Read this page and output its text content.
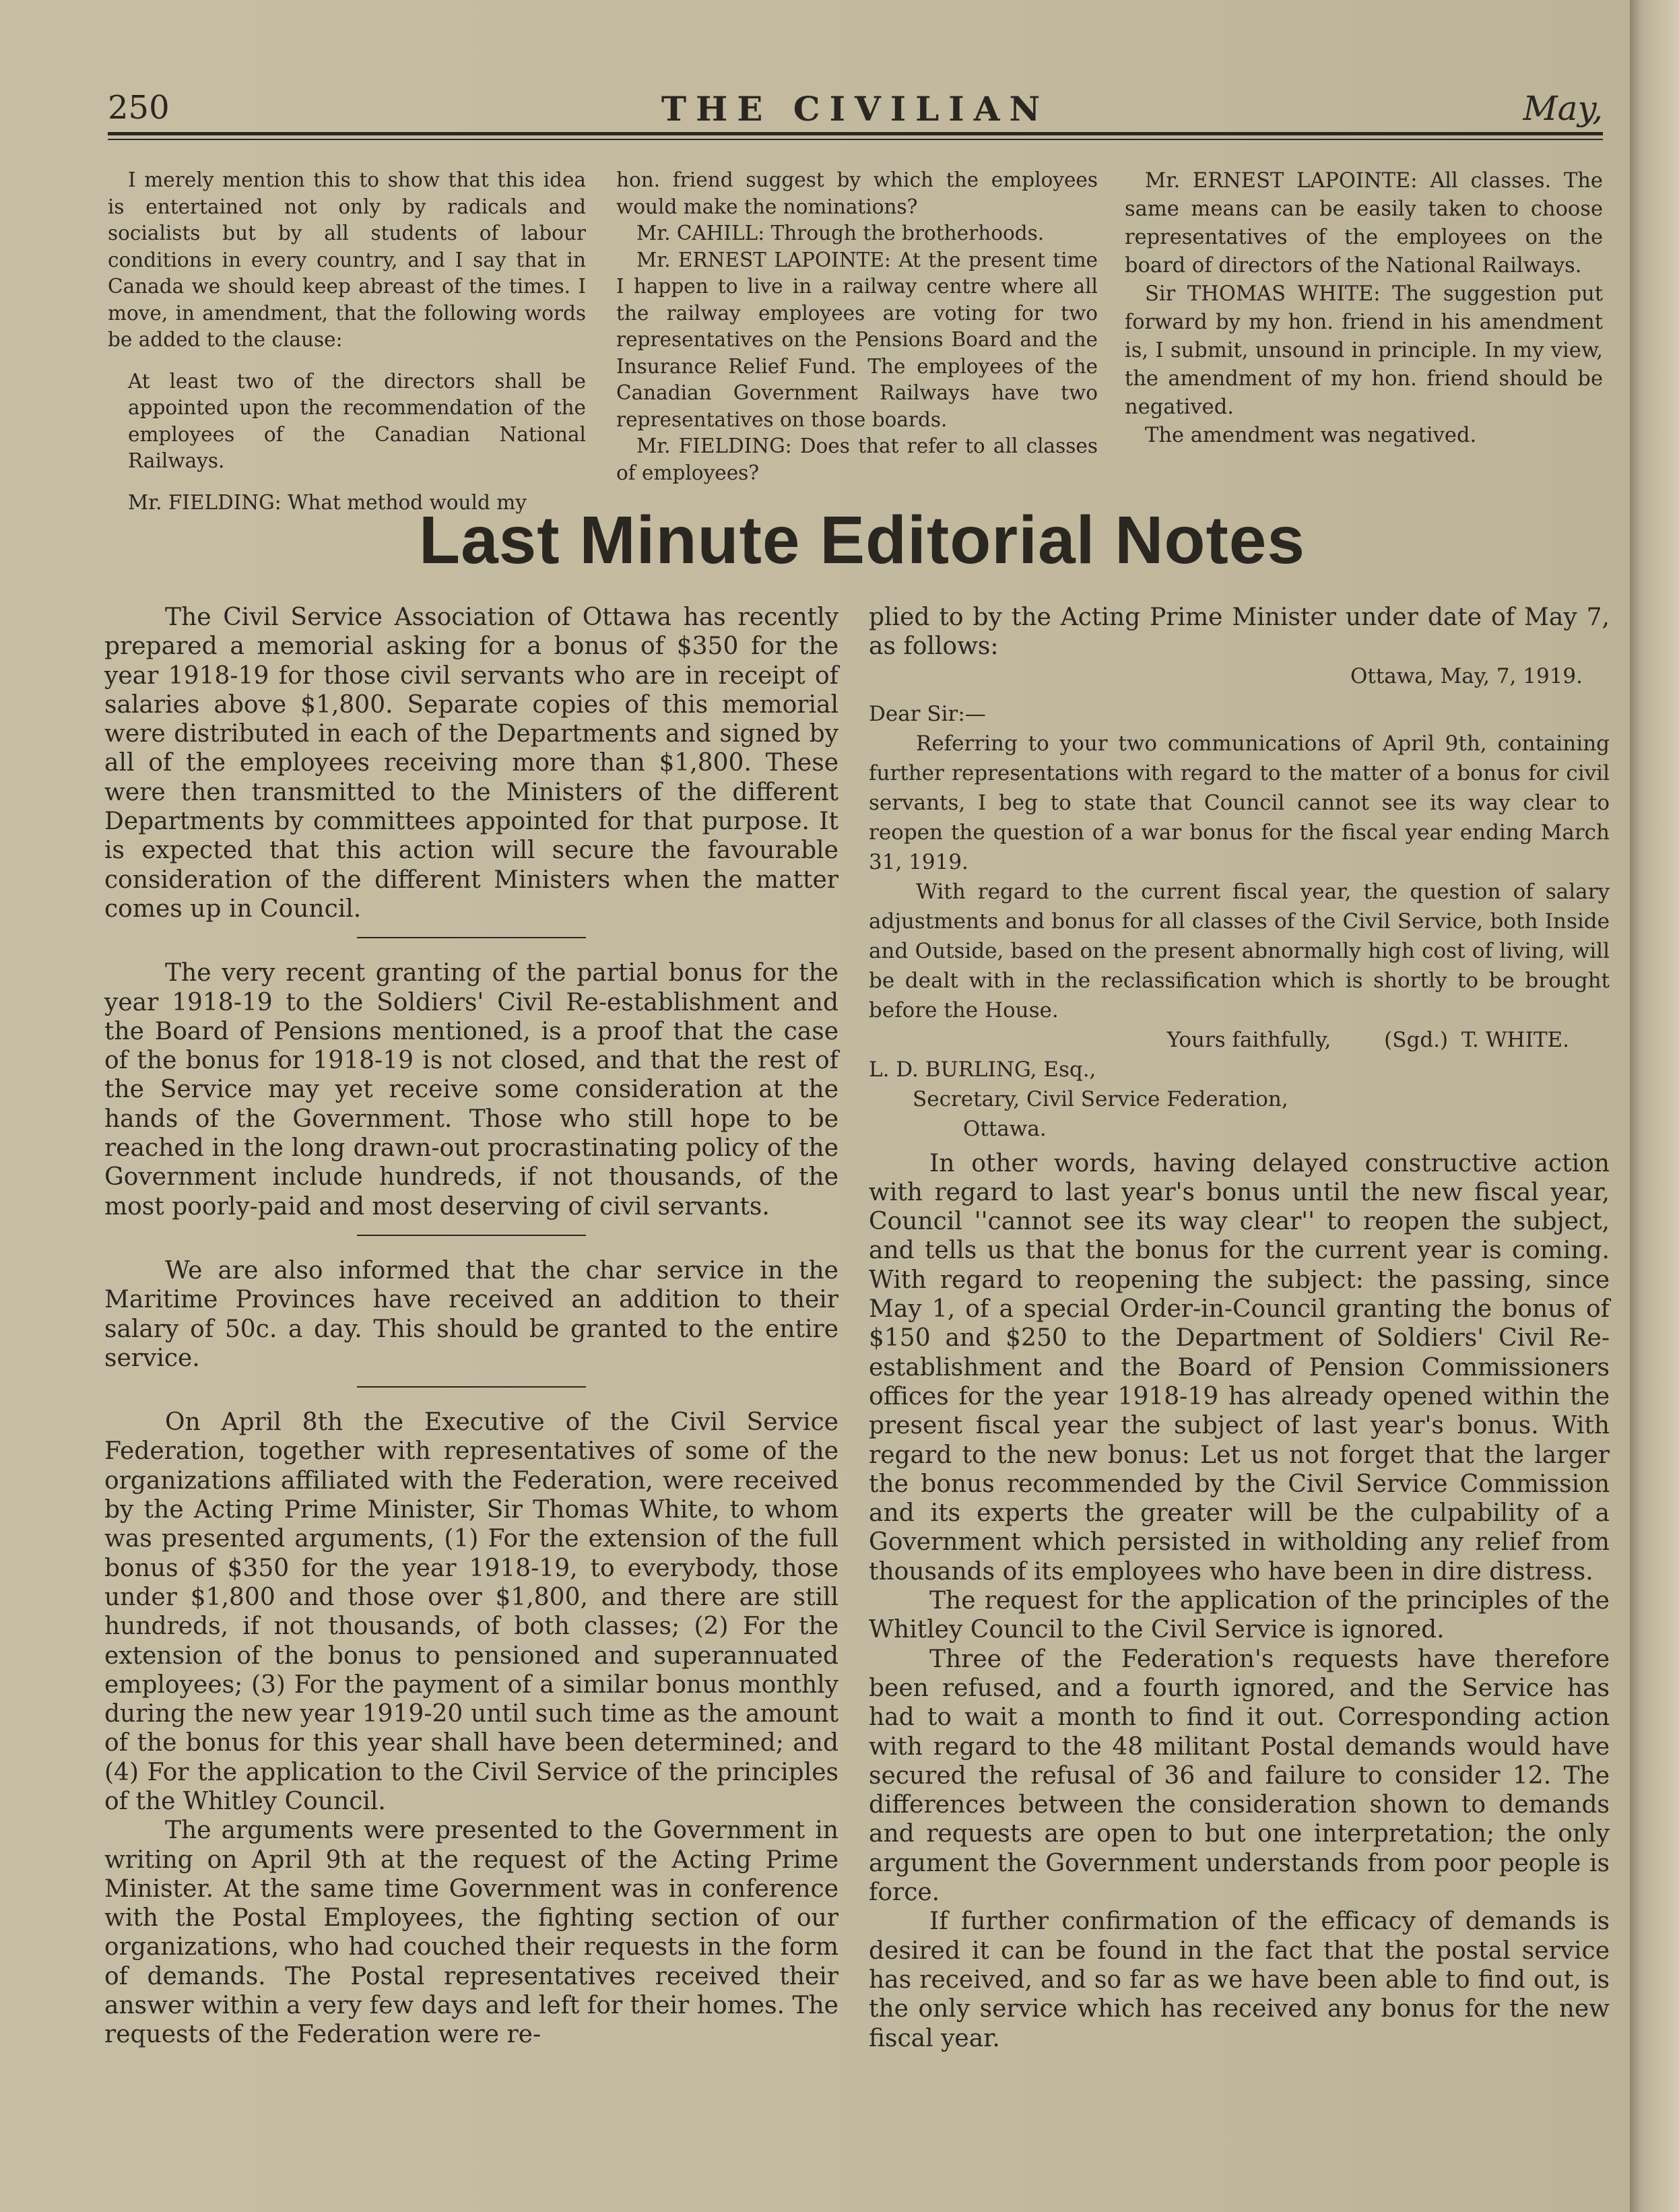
THE CIVILIAN
250	May,

I merely mention this to show that this idea is entertained not only by radicals and socialists but by all students of labour conditions in every country, and I say that in Canada we should keep abreast of the times. I move, in amendment, that the following words be added to the clause:

At least two of the directors shall be appointed upon the recommendation of the employees of the Canadian National Railways.

Mr. FIELDING: What method would my

hon. friend suggest by which the employees would make the nominations?

Mr. CAHILL: Through the brotherhoods.

Mr. ERNEST LAPOINTE: At the present time I happen to live in a railway centre where all the railway employees are voting for two representatives on the Pensions Board and the Insurance Relief Fund. The employees of the Canadian Government Railways have two representatives on those boards.

Mr. FIELDING: Does that refer to all classes of employees?

Mr. ERNEST LAPOINTE: All classes. The same means can be easily taken to choose representatives of the employees on the board of directors of the National Railways.

Sir THOMAS WHITE: The suggestion put forward by my hon. friend in his amendment is, I submit, unsound in principle. In my view, the amendment of my hon. friend should be negatived.

The amendment was negatived.

Last Minute Editorial Notes

The Civil Service Association of Ottawa has recently prepared a memorial asking for a bonus of $350 for the year 1918-19 for those civil servants who are in receipt of salaries above $1,800. Separate copies of this memorial were distributed in each of the Departments and signed by all of the employees receiving more than $1,800. These were then transmitted to the Ministers of the different Departments by committees appointed for that purpose. It is expected that this action will secure the favourable consideration of the different Ministers when the matter comes up in Council.

The very recent granting of the partial bonus for the year 1918-19 to the Soldiers' Civil Re-establishment and the Board of Pensions mentioned, is a proof that the case of the bonus for 1918-19 is not closed, and that the rest of the Service may yet receive some consideration at the hands of the Government. Those who still hope to be reached in the long drawn-out procrastinating policy of the Government include hundreds, if not thousands, of the most poorly-paid and most deserving of civil servants.

We are also informed that the char service in the Maritime Provinces have received an addition to their salary of 50c. a day. This should be granted to the entire service.

On April 8th the Executive of the Civil Service Federation, together with representatives of some of the organizations affiliated with the Federation, were received by the Acting Prime Minister, Sir Thomas White, to whom was presented arguments, (1) For the extension of the full bonus of $350 for the year 1918-19, to everybody, those under $1,800 and those over $1,800, and there are still hundreds, if not thousands, of both classes; (2) For the extension of the bonus to pensioned and superannuated employees; (3) For the payment of a similar bonus monthly during the new year 1919-20 until such time as the amount of the bonus for this year shall have been determined; and (4) For the application to the Civil Service of the principles of the Whitley Council.

The arguments were presented to the Government in writing on April 9th at the request of the Acting Prime Minister. At the same time Government was in conference with the Postal Employees, the fighting section of our organizations, who had couched their requests in the form of demands. The Postal representatives received their answer within a very few days and left for their homes. The requests of the Federation were re-

plied to by the Acting Prime Minister under date of May 7, as follows:

Ottawa, May, 7, 1919.

Dear Sir:—

Referring to your two communications of April 9th, containing further representations with regard to the matter of a bonus for civil servants, I beg to state that Council cannot see its way clear to reopen the question of a war bonus for the fiscal year ending March 31, 1919.

With regard to the current fiscal year, the question of salary adjustments and bonus for all classes of the Civil Service, both Inside and Outside, based on the present abnormally high cost of living, will be dealt with in the reclassification which is shortly to be brought before the House.

Yours faithfully,        (Sgd.)  T. WHITE.

L. D. BURLING, Esq.,

Secretary, Civil Service Federation,

Ottawa.

In other words, having delayed constructive action with regard to last year's bonus until the new fiscal year, Council ''cannot see its way clear'' to reopen the subject, and tells us that the bonus for the current year is coming. With regard to reopening the subject: the passing, since May 1, of a special Order-in-Council granting the bonus of $150 and $250 to the Department of Soldiers' Civil Re-establishment and the Board of Pension Commissioners offices for the year 1918-19 has already opened within the present fiscal year the subject of last year's bonus. With regard to the new bonus: Let us not forget that the larger the bonus recommended by the Civil Service Commission and its experts the greater will be the culpability of a Government which persisted in witholding any relief from thousands of its employees who have been in dire distress.

The request for the application of the principles of the Whitley Council to the Civil Service is ignored.

Three of the Federation's requests have therefore been refused, and a fourth ignored, and the Service has had to wait a month to find it out. Corresponding action with regard to the 48 militant Postal demands would have secured the refusal of 36 and failure to consider 12. The differences between the consideration shown to demands and requests are open to but one interpretation; the only argument the Government understands from poor people is force.

If further confirmation of the efficacy of demands is desired it can be found in the fact that the postal service has received, and so far as we have been able to find out, is the only service which has received any bonus for the new fiscal year.
